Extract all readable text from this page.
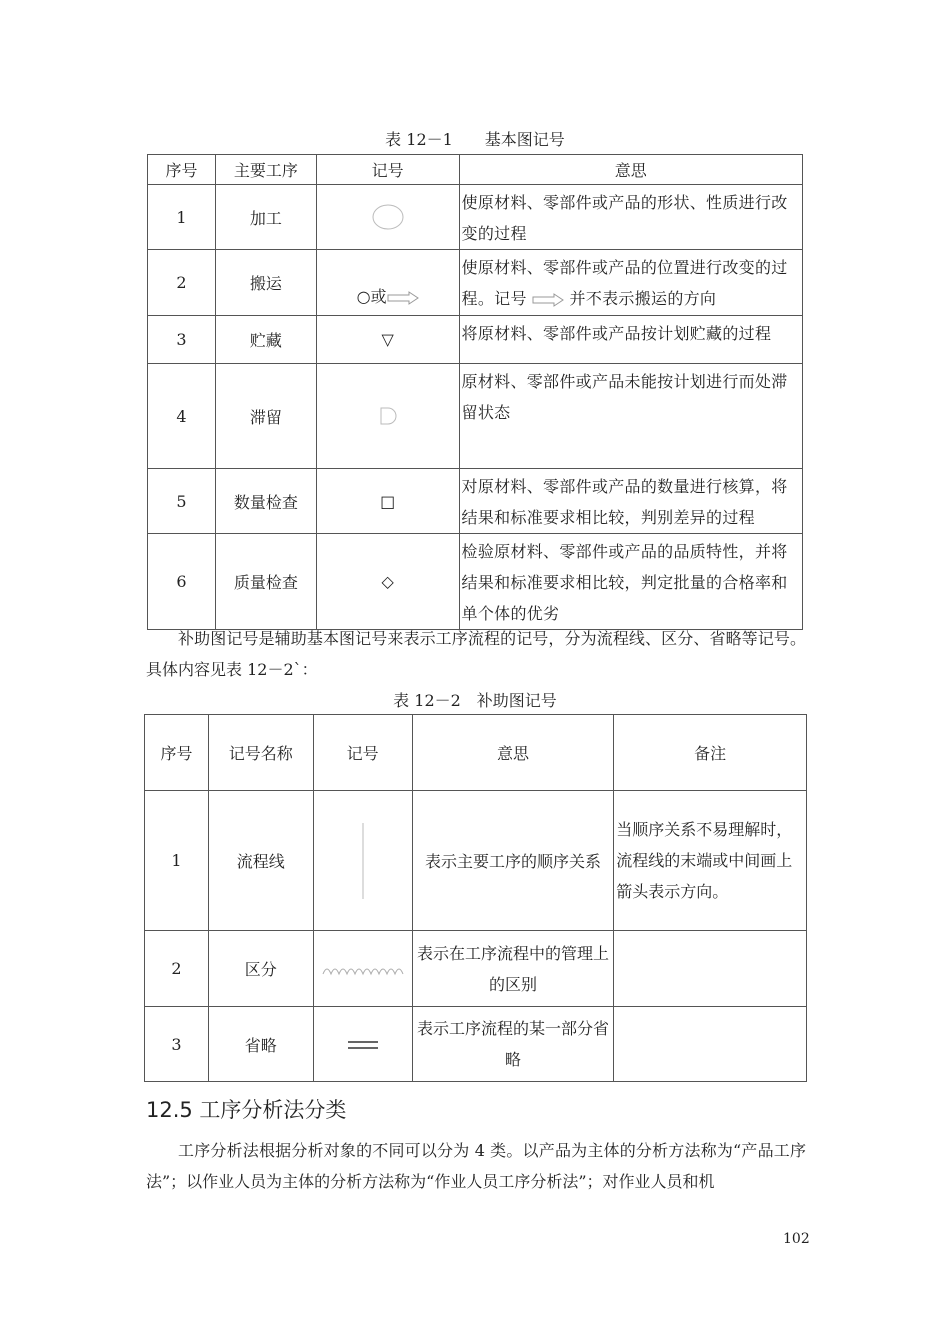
表 12－1　　基本图记号
序号	主要工序	记号	意思
1	加工		使原材料、零部件或产品的形状、性质进行改变的过程
2	搬运	○或	使原材料、零部件或产品的位置进行改变的过程。记号 并不表示搬运的方向
3	贮藏	▽	将原材料、零部件或产品按计划贮藏的过程
4	滞留		原材料、零部件或产品未能按计划进行而处滞留状态
5	数量检查	□	对原材料、零部件或产品的数量进行核算，将结果和标准要求相比较，判别差异的过程
6	质量检查	◇	检验原材料、零部件或产品的品质特性，并将结果和标准要求相比较，判定批量的合格率和单个体的优劣
补助图记号是辅助基本图记号来表示工序流程的记号，分为流程线、区分、省略等记号。具体内容见表 12－2`：
表 12－2　补助图记号
序号	记号名称	记号	意思	备注
1	流程线		表示主要工序的顺序关系	当顺序关系不易理解时，流程线的末端或中间画上箭头表示方向。
2	区分		表示在工序流程中的管理上的区别	
3	省略		表示工序流程的某一部分省略	
12.5 工序分析法分类
工序分析法根据分析对象的不同可以分为 4 类。以产品为主体的分析方法称为“产品工序法”；以作业人员为主体的分析方法称为“作业人员工序分析法”；对作业人员和机
102
